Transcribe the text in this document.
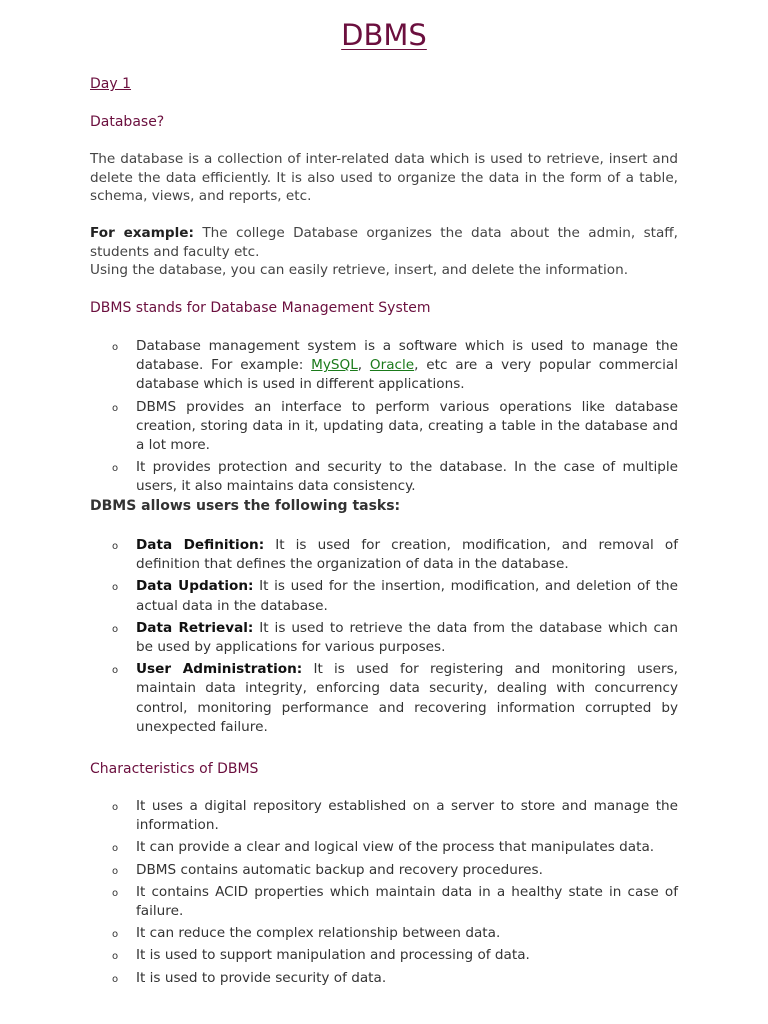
DBMS
Day 1
Database?

The database is a collection of inter-related data which is used to retrieve, insert and delete the data efficiently. It is also used to organize the data in the form of a table, schema, views, and reports, etc.

For example: The college Database organizes the data about the admin, staff, students and faculty etc.
Using the database, you can easily retrieve, insert, and delete the information.

DBMS stands for Database Management System
o Database management system is a software which is used to manage the database. For example: MySQL, Oracle, etc are a very popular commercial database which is used in different applications.
o DBMS provides an interface to perform various operations like database creation, storing data in it, updating data, creating a table in the database and a lot more.
o It provides protection and security to the database. In the case of multiple users, it also maintains data consistency.
DBMS allows users the following tasks:
o Data Definition: It is used for creation, modification, and removal of definition that defines the organization of data in the database.
o Data Updation: It is used for the insertion, modification, and deletion of the actual data in the database.
o Data Retrieval: It is used to retrieve the data from the database which can be used by applications for various purposes.
o User Administration: It is used for registering and monitoring users, maintain data integrity, enforcing data security, dealing with concurrency control, monitoring performance and recovering information corrupted by unexpected failure.
Characteristics of DBMS
o It uses a digital repository established on a server to store and manage the information.
o It can provide a clear and logical view of the process that manipulates data.
o DBMS contains automatic backup and recovery procedures.
o It contains ACID properties which maintain data in a healthy state in case of failure.
o It can reduce the complex relationship between data.
o It is used to support manipulation and processing of data.
o It is used to provide security of data.
